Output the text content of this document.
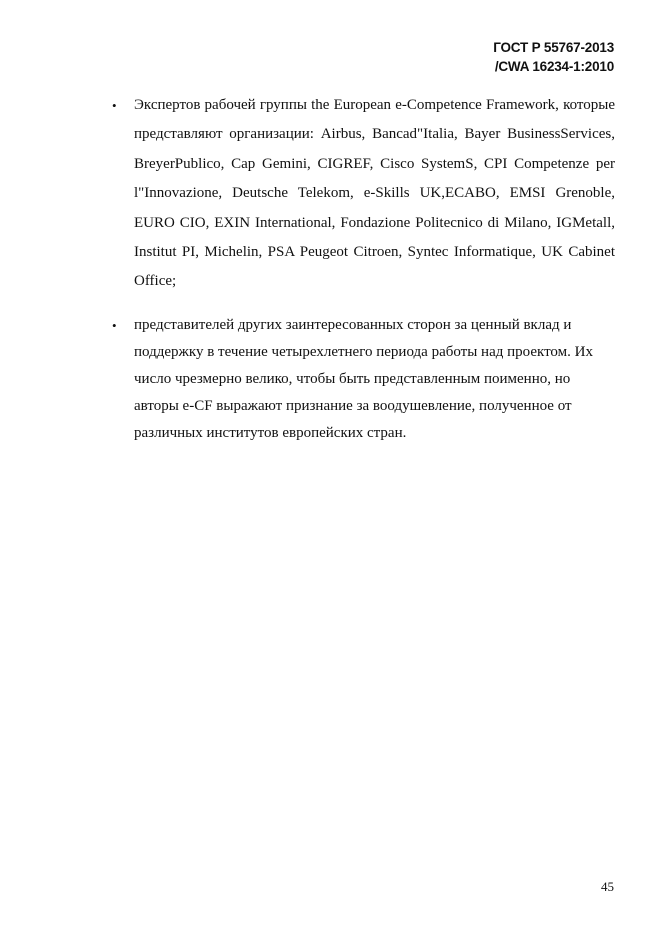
ГОСТ Р 55767-2013
/CWA 16234-1:2010
• Экспертов рабочей группы the European e-Competence Framework, которые представляют организации: Airbus, Bancad"Italia, Bayer BusinessServices, BreyerPublico, Cap Gemini, CIGREF, Cisco SystemS, CPI Competenze per l"Innovazione, Deutsche Telekom, e-Skills UK,ECABO, EMSI Grenoble, EURO CIO, EXIN International, Fondazione Politecnico di Milano, IGMetall, Institut PI, Michelin, PSA Peugeot Citroen, Syntec Informatique, UK Cabinet Office;
• представителей других заинтересованных сторон за ценный вклад и поддержку в течение четырехлетнего периода работы над проектом. Их число чрезмерно велико, чтобы быть представленным поименно, но авторы e-CF выражают признание за воодушевление, полученное от различных институтов европейских стран.
45
